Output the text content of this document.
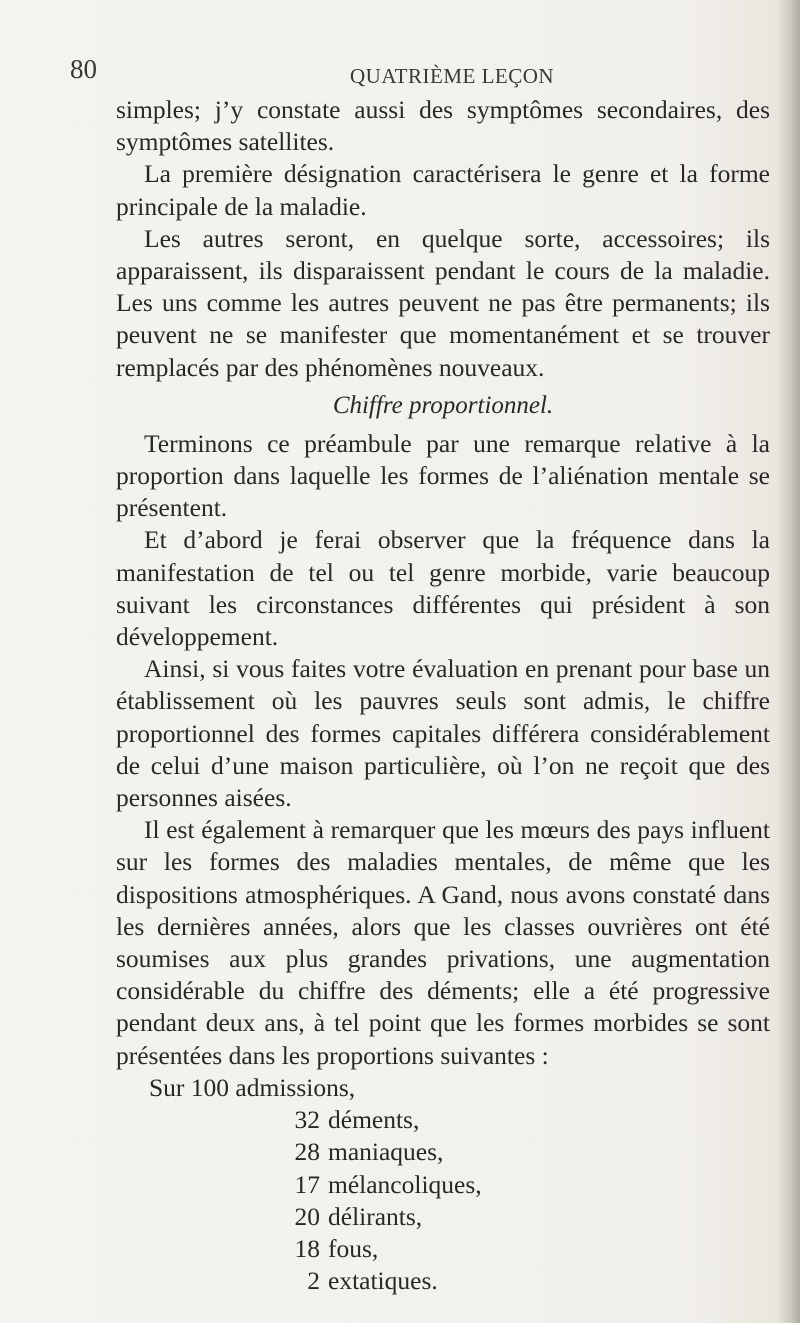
80	QUATRIÈME LEÇON

simples; j’y constate aussi des symptômes secondaires, des symptômes satellites.

La première désignation caractérisera le genre et la forme principale de la maladie.

Les autres seront, en quelque sorte, accessoires; ils apparaissent, ils disparaissent pendant le cours de la maladie. Les uns comme les autres peuvent ne pas être permanents; ils peuvent ne se manifester que momentanément et se trouver remplacés par des phénomènes nouveaux.

Chiffre proportionnel.

Terminons ce préambule par une remarque relative à la proportion dans laquelle les formes de l’aliénation mentale se présentent.

Et d’abord je ferai observer que la fréquence dans la manifestation de tel ou tel genre morbide, varie beaucoup suivant les circonstances différentes qui président à son développement.

Ainsi, si vous faites votre évaluation en prenant pour base un établissement où les pauvres seuls sont admis, le chiffre proportionnel des formes capitales différera considérablement de celui d’une maison particulière, où l’on ne reçoit que des personnes aisées.

Il est également à remarquer que les mœurs des pays influent sur les formes des maladies mentales, de même que les dispositions atmosphériques. A Gand, nous avons constaté dans les dernières années, alors que les classes ouvrières ont été soumises aux plus grandes privations, une augmentation considérable du chiffre des déments; elle a été progressive pendant deux ans, à tel point que les formes morbides se sont présentées dans les proportions suivantes :

Sur 100 admissions,

32 déments,
28 maniaques,
17 mélancoliques,
20 délirants,
18 fous,
2 extatiques.
